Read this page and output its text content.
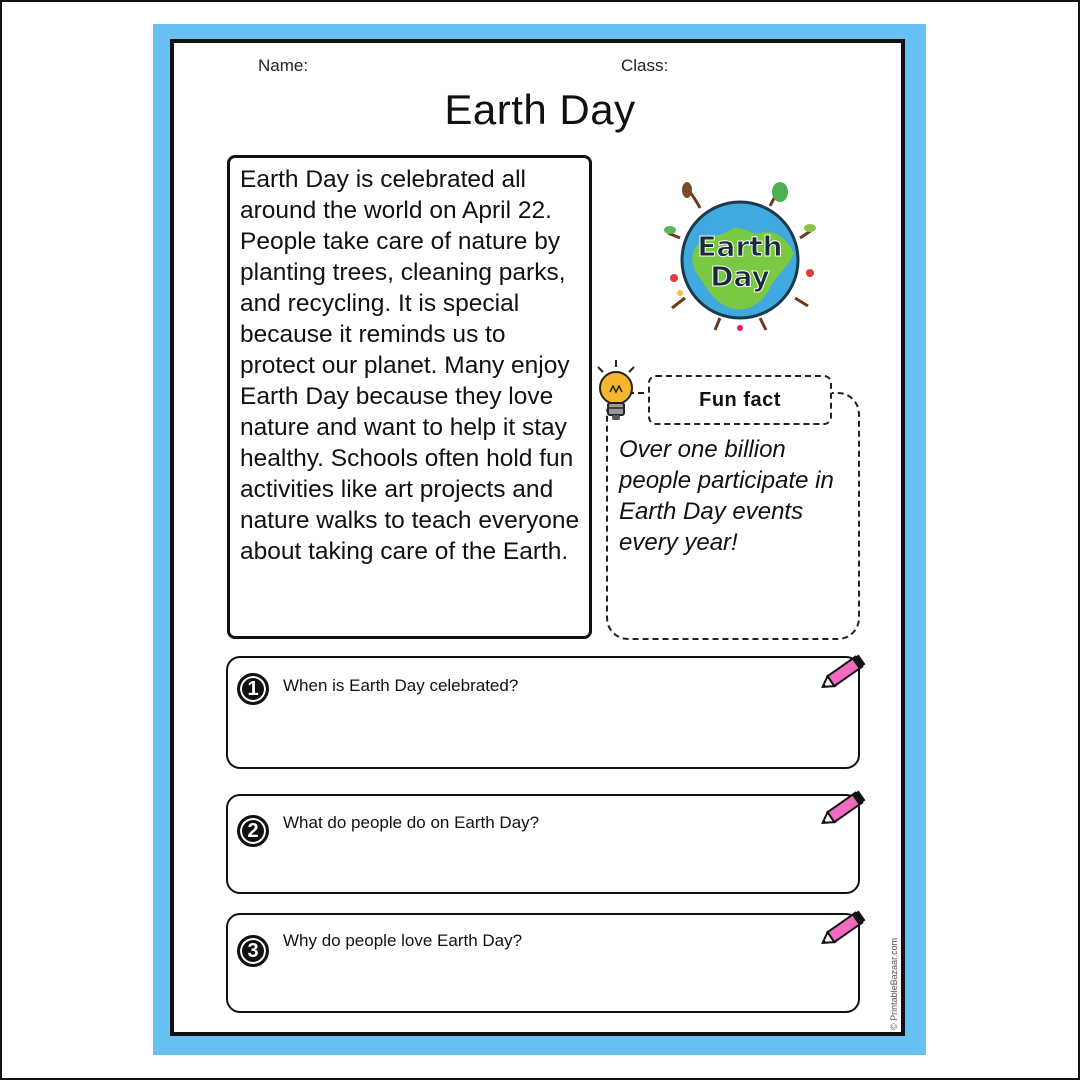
Name:	Class:
Earth Day

Earth Day is celebrated all around the world on April 22. People take care of nature by planting trees, cleaning parks, and recycling. It is special because it reminds us to protect our planet. Many enjoy Earth Day because they love nature and want to help it stay healthy. Schools often hold fun activities like art projects and nature walks to teach everyone about taking care of the Earth.

Earth
Day
Fun fact

Over one billion people participate in Earth Day events every year!

1	When is Earth Day celebrated?
2	What do people do on Earth Day?
3	Why do people love Earth Day?	© PrintableBazaar.com
